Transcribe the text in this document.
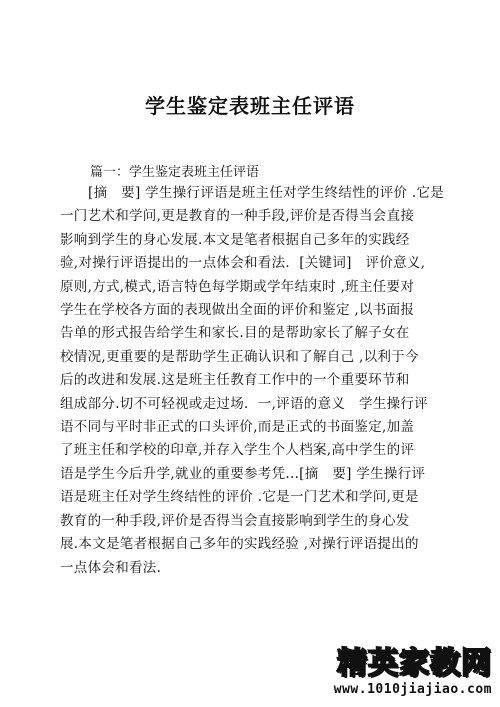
学生鉴定表班主任评语
篇一：学生鉴定表班主任评语
[摘　要] 学生操行评语是班主任对学生终结性的评价 .它是
一门艺术和学问,更是教育的一种手段,评价是否得当会直接
影响到学生的身心发展.本文是笔者根据自己多年的实践经
验,对操行评语提出的一点体会和看法．[关键词]　评价意义,
原则,方式,模式,语言特色每学期或学年结束时 ,班主任要对
学生在学校各方面的表现做出全面的评价和鉴定 ,以书面报
告单的形式报告给学生和家长.目的是帮助家长了解子女在
校情况,更重要的是帮助学生正确认识和了解自己 ,以利于今
后的改进和发展.这是班主任教育工作中的一个重要环节和
组成部分.切不可轻视或走过场．一,评语的意义　学生操行评
语不同与平时非正式的口头评价,而是正式的书面鉴定,加盖
了班主任和学校的印章,并存入学生个人档案,高中学生的评
语是学生今后升学,就业的重要参考凭...[摘　要] 学生操行评
语是班主任对学生终结性的评价 .它是一门艺术和学问,更是
教育的一种手段,评价是否得当会直接影响到学生的身心发
展.本文是笔者根据自己多年的实践经验 ,对操行评语提出的
一点体会和看法.
精英家教网
www.1010jiajiao.com
